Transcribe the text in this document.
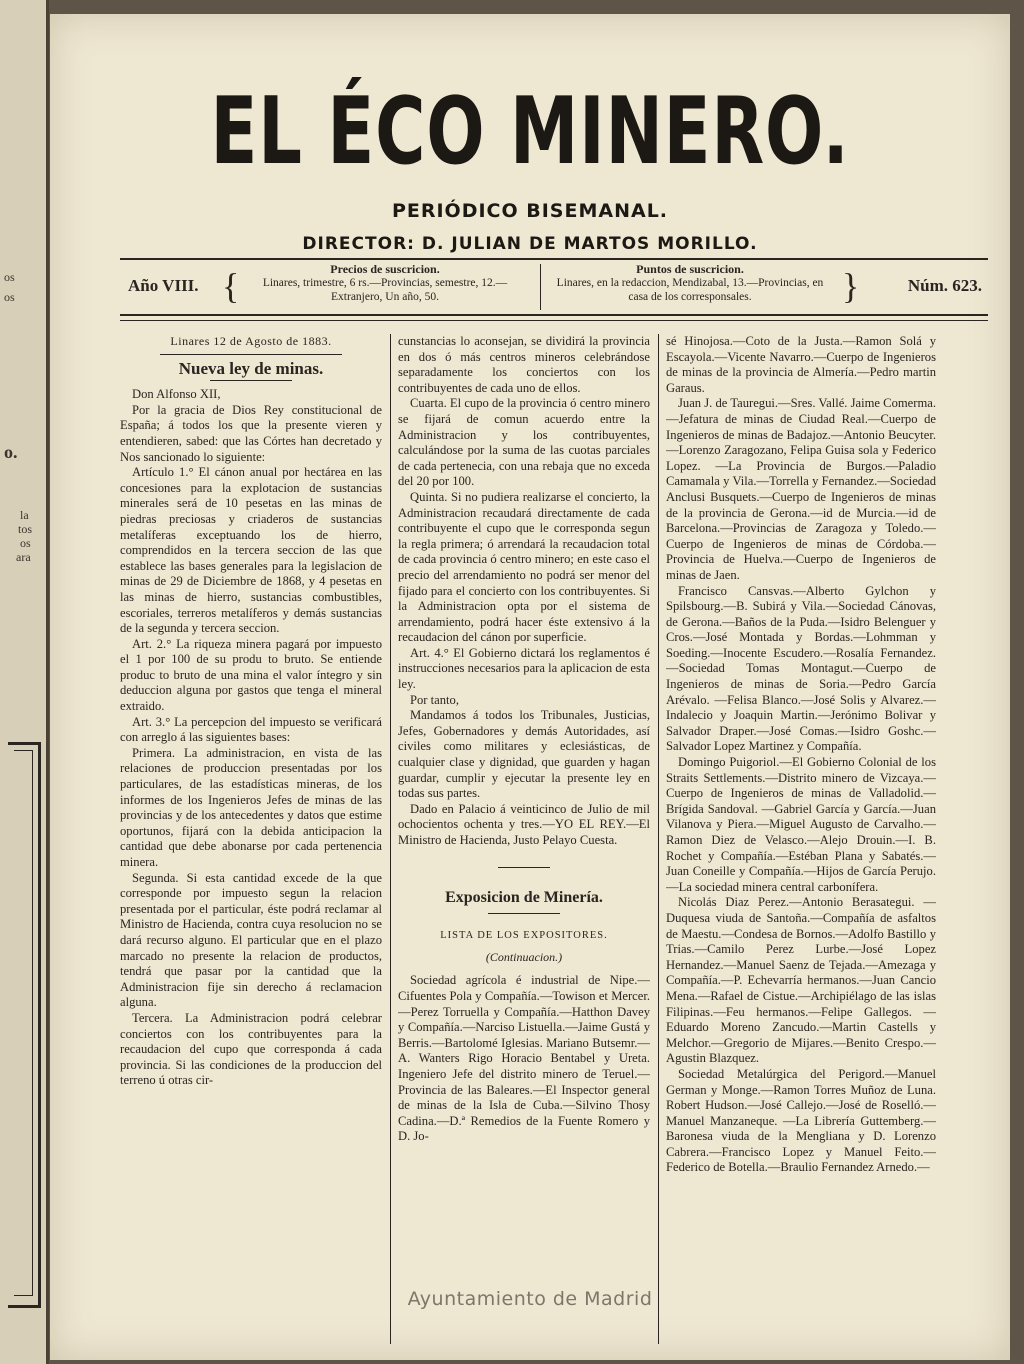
os
os
o.
la
tos
os
ara
EL ÉCO MINERO.
PERIÓDICO BISEMANAL.
DIRECTOR: D. JULIAN DE MARTOS MORILLO.
Año VIII. {	Precios de suscricion.
Linares, trimestre, 6 rs.—Provincias, semestre, 12.—Extranjero, Un año, 50.
Puntos de suscricion.
Linares, en la redaccion, Mendizabal, 13.—Provincias, en casa de los corresponsales.	}	Núm. 623.

Linares 12 de Agosto de 1883.

Nueva ley de minas.

Don Alfonso XII,

Por la gracia de Dios Rey constitucional de España; á todos los que la presente vieren y entendieren, sabed: que las Córtes han decretado y Nos sancionado lo siguiente:

Artículo 1.° El cánon anual por hectárea en las concesiones para la explotacion de sustancias minerales será de 10 pesetas en las minas de piedras preciosas y criaderos de sustancias metalíferas exceptuando los de hierro, comprendidos en la tercera seccion de las que establece las bases generales para la legislacion de minas de 29 de Diciembre de 1868, y 4 pesetas en las minas de hierro, sustancias combustibles, escoriales, terreros metalíferos y demás sustancias de la segunda y tercera seccion.

Art. 2.° La riqueza minera pagará por impuesto el 1 por 100 de su produ to bruto. Se entiende produc to bruto de una mina el valor íntegro y sin deduccion alguna por gastos que tenga el mineral extraido.

Art. 3.° La percepcion del impuesto se verificará con arreglo á las siguientes bases:

Primera. La administracion, en vista de las relaciones de produccion presentadas por los particulares, de las estadísticas mineras, de los informes de los Ingenieros Jefes de minas de las provincias y de los antecedentes y datos que estime oportunos, fijará con la debida anticipacion la cantidad que debe abonarse por cada pertenencia minera.

Segunda. Si esta cantidad excede de la que corresponde por impuesto segun la relacion presentada por el particular, éste podrá reclamar al Ministro de Hacienda, contra cuya resolucion no se dará recurso alguno. El particular que en el plazo marcado no presente la relacion de productos, tendrá que pasar por la cantidad que la Administracion fije sin derecho á reclamacion alguna.

Tercera. La Administracion podrá celebrar conciertos con los contribuyentes para la recaudacion del cupo que corresponda á cada provincia. Si las condiciones de la produccion del terreno ú otras cir-

cunstancias lo aconsejan, se dividirá la provincia en dos ó más centros mineros celebrándose separadamente los conciertos con los contribuyentes de cada uno de ellos.

Cuarta. El cupo de la provincia ó centro minero se fijará de comun acuerdo entre la Administracion y los contribuyentes, calculándose por la suma de las cuotas parciales de cada pertenecia, con una rebaja que no exceda del 20 por 100.

Quinta. Si no pudiera realizarse el concierto, la Administracion recaudará directamente de cada contribuyente el cupo que le corresponda segun la regla primera; ó arrendará la recaudacion total de cada provincia ó centro minero; en este caso el precio del arrendamiento no podrá ser menor del fijado para el concierto con los contribuyentes. Si la Administracion opta por el sistema de arrendamiento, podrá hacer éste extensivo á la recaudacion del cánon por superficie.

Art. 4.° El Gobierno dictará los reglamentos é instrucciones necesarios para la aplicacion de esta ley.

Por tanto,

Mandamos á todos los Tribunales, Justicias, Jefes, Gobernadores y demás Autoridades, así civiles como militares y eclesiásticas, de cualquier clase y dignidad, que guarden y hagan guardar, cumplir y ejecutar la presente ley en todas sus partes.

Dado en Palacio á veinticinco de Julio de mil ochocientos ochenta y tres.—YO EL REY.—El Ministro de Hacienda, Justo Pelayo Cuesta.

Exposicion de Minería.

LISTA DE LOS EXPOSITORES.

(Continuacion.)

Sociedad agrícola é industrial de Nipe.—Cifuentes Pola y Compañía.—Towison et Mercer.—Perez Torruella y Compañía.—Hatthon Davey y Compañía.—Narciso Listuella.—Jaime Gustá y Berris.—Bartolomé Iglesias. Mariano Butsemr.—A. Wanters Rigo Horacio Bentabel y Ureta. Ingeniero Jefe del distrito minero de Teruel.—Provincia de las Baleares.—El Inspector general de minas de la Isla de Cuba.—Silvino Thosy Cadina.—D.ª Remedios de la Fuente Romero y D. Jo-

sé Hinojosa.—Coto de la Justa.—Ramon Solá y Escayola.—Vicente Navarro.—Cuerpo de Ingenieros de minas de la provincia de Almería.—Pedro martin Garaus.

Juan J. de Tauregui.—Sres. Vallé. Jaime Comerma.—Jefatura de minas de Ciudad Real.—Cuerpo de Ingenieros de minas de Badajoz.—Antonio Beucyter.—Lorenzo Zaragozano, Felipa Guisa sola y Federico Lopez. —La Provincia de Burgos.—Paladio Camamala y Vila.—Torrella y Fernandez.—Sociedad Anclusi Busquets.—Cuerpo de Ingenieros de minas de la provincia de Gerona.—id de Murcia.—id de Barcelona.—Provincias de Zaragoza y Toledo.—Cuerpo de Ingenieros de minas de Córdoba.—Provincia de Huelva.—Cuerpo de Ingenieros de minas de Jaen.

Francisco Cansvas.—Alberto Gylchon y Spilsbourg.—B. Subirá y Vila.—Sociedad Cánovas, de Gerona.—Baños de la Puda.—Isidro Belenguer y Cros.—José Montada y Bordas.—Lohmman y Soeding.—Inocente Escudero.—Rosalía Fernandez.—Sociedad Tomas Montagut.—Cuerpo de Ingenieros de minas de Soria.—Pedro García Arévalo. —Felisa Blanco.—José Solis y Alvarez.—Indalecio y Joaquin Martin.—Jerónimo Bolivar y Salvador Draper.—José Comas.—Isidro Goshc.—Salvador Lopez Martinez y Compañía.

Domingo Puigoriol.—El Gobierno Colonial de los Straits Settlements.—Distrito minero de Vizcaya.—Cuerpo de Ingenieros de minas de Valladolid.—Brígida Sandoval. —Gabriel García y García.—Juan Vilanova y Piera.—Miguel Augusto de Carvalho.—Ramon Diez de Velasco.—Alejo Drouin.—I. B. Rochet y Compañía.—Estéban Plana y Sabatés.—Juan Coneille y Compañía.—Hijos de García Perujo.—La sociedad minera central carbonífera.

Nicolás Diaz Perez.—Antonio Berasategui. —Duquesa viuda de Santoña.—Compañía de asfaltos de Maestu.—Condesa de Bornos.—Adolfo Bastillo y Trias.—Camilo Perez Lurbe.—José Lopez Hernandez.—Manuel Saenz de Tejada.—Amezaga y Compañía.—P. Echevarría hermanos.—Juan Cancio Mena.—Rafael de Cistue.—Archipiélago de las islas Filipinas.—Feu hermanos.—Felipe Gallegos. —Eduardo Moreno Zancudo.—Martin Castells y Melchor.—Gregorio de Mijares.—Benito Crespo.—Agustin Blazquez.

Sociedad Metalúrgica del Perigord.—Manuel German y Monge.—Ramon Torres Muñoz de Luna. Robert Hudson.—José Callejo.—José de Roselló.—Manuel Manzaneque. —La Librería Guttemberg.—Baronesa viuda de la Mengliana y D. Lorenzo Cabrera.—Francisco Lopez y Manuel Feito.—Federico de Botella.—Braulio Fernandez Arnedo.—

Ayuntamiento de Madrid
